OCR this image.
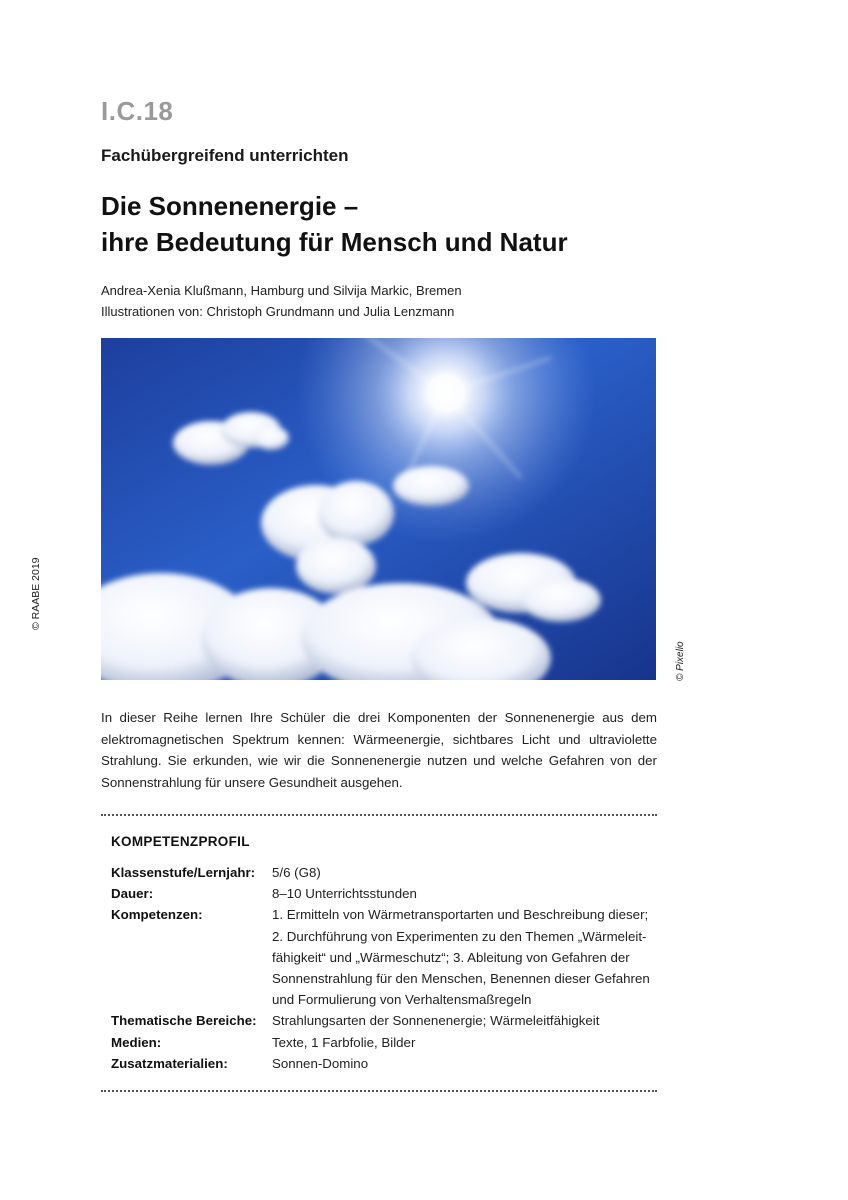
I.C.18
Fachübergreifend unterrichten
Die Sonnenenergie –
ihre Bedeutung für Mensch und Natur
Andrea-Xenia Klußmann, Hamburg und Silvija Markic, Bremen
Illustrationen von: Christoph Grundmann und Julia Lenzmann
© RAABE 2019
© Pixelio
In dieser Reihe lernen Ihre Schüler die drei Komponenten der Sonnenenergie aus dem elektromagnetischen Spektrum kennen: Wärmeenergie, sichtbares Licht und ultraviolette Strahlung. Sie erkunden, wie wir die Sonnenenergie nutzen und welche Gefahren von der Sonnenstrahlung für unsere Gesundheit ausgehen.
KOMPETENZPROFIL
Klassenstufe/Lernjahr:	5/6 (G8)
Dauer:	8–10 Unterrichtsstunden
Kompetenzen:	1. Ermitteln von Wärmetransportarten und Beschreibung dieser;
2. Durchführung von Experimenten zu den Themen „Wärmeleit-
fähigkeit“ und „Wärmeschutz“; 3. Ableitung von Gefahren der
Sonnenstrahlung für den Menschen, Benennen dieser Gefahren
und Formulierung von Verhaltensmaßregeln
Thematische Bereiche:	Strahlungsarten der Sonnenenergie; Wärmeleitfähigkeit
Medien:	Texte, 1 Farbfolie, Bilder
Zusatzmaterialien:	Sonnen-Domino
